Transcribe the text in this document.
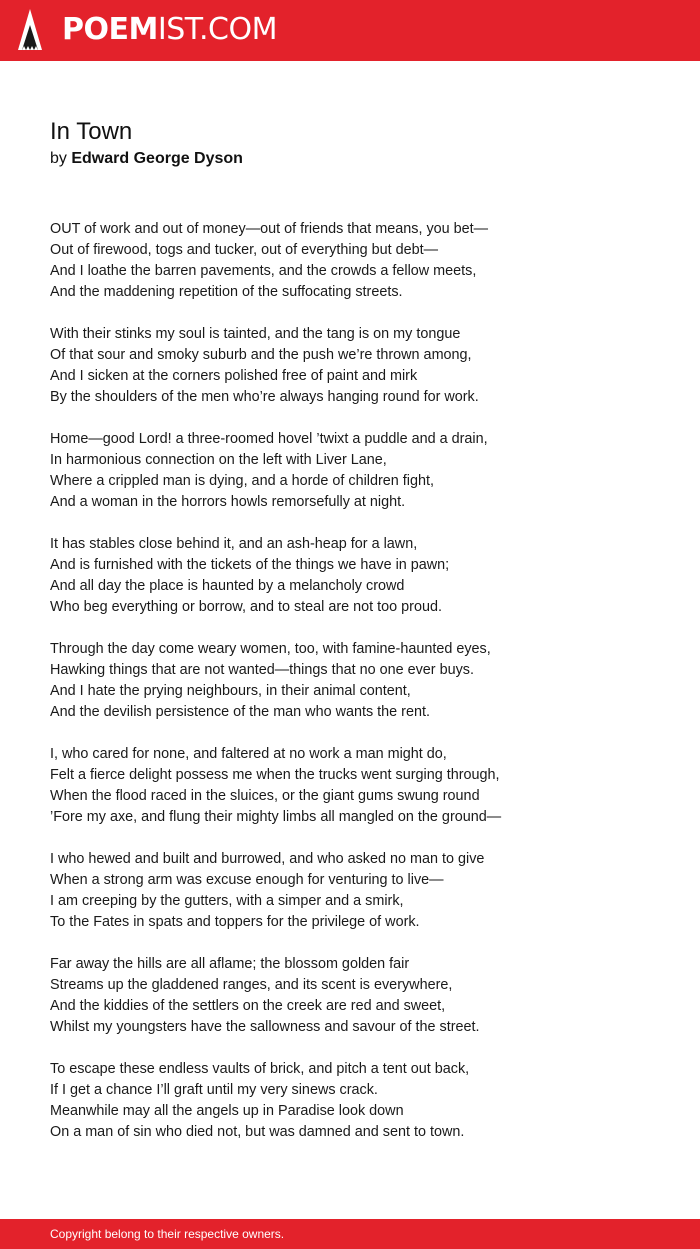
POEMIST.COM
In Town
by Edward George Dyson

OUT of work and out of money—out of friends that means, you bet—
Out of firewood, togs and tucker, out of everything but debt—
And I loathe the barren pavements, and the crowds a fellow meets,
And the maddening repetition of the suffocating streets.

With their stinks my soul is tainted, and the tang is on my tongue
Of that sour and smoky suburb and the push we’re thrown among,
And I sicken at the corners polished free of paint and mirk
By the shoulders of the men who’re always hanging round for work.

Home—good Lord! a three-roomed hovel ’twixt a puddle and a drain,
In harmonious connection on the left with Liver Lane,
Where a crippled man is dying, and a horde of children fight,
And a woman in the horrors howls remorsefully at night.

It has stables close behind it, and an ash-heap for a lawn,
And is furnished with the tickets of the things we have in pawn;
And all day the place is haunted by a melancholy crowd
Who beg everything or borrow, and to steal are not too proud.

Through the day come weary women, too, with famine-haunted eyes,
Hawking things that are not wanted—things that no one ever buys.
And I hate the prying neighbours, in their animal content,
And the devilish persistence of the man who wants the rent.

I, who cared for none, and faltered at no work a man might do,
Felt a fierce delight possess me when the trucks went surging through,
When the flood raced in the sluices, or the giant gums swung round
’Fore my axe, and flung their mighty limbs all mangled on the ground—

I who hewed and built and burrowed, and who asked no man to give
When a strong arm was excuse enough for venturing to live—
I am creeping by the gutters, with a simper and a smirk,
To the Fates in spats and toppers for the privilege of work.

Far away the hills are all aflame; the blossom golden fair
Streams up the gladdened ranges, and its scent is everywhere,
And the kiddies of the settlers on the creek are red and sweet,
Whilst my youngsters have the sallowness and savour of the street.

To escape these endless vaults of brick, and pitch a tent out back,
If I get a chance I’ll graft until my very sinews crack.
Meanwhile may all the angels up in Paradise look down
On a man of sin who died not, but was damned and sent to town.

Copyright belong to their respective owners.
